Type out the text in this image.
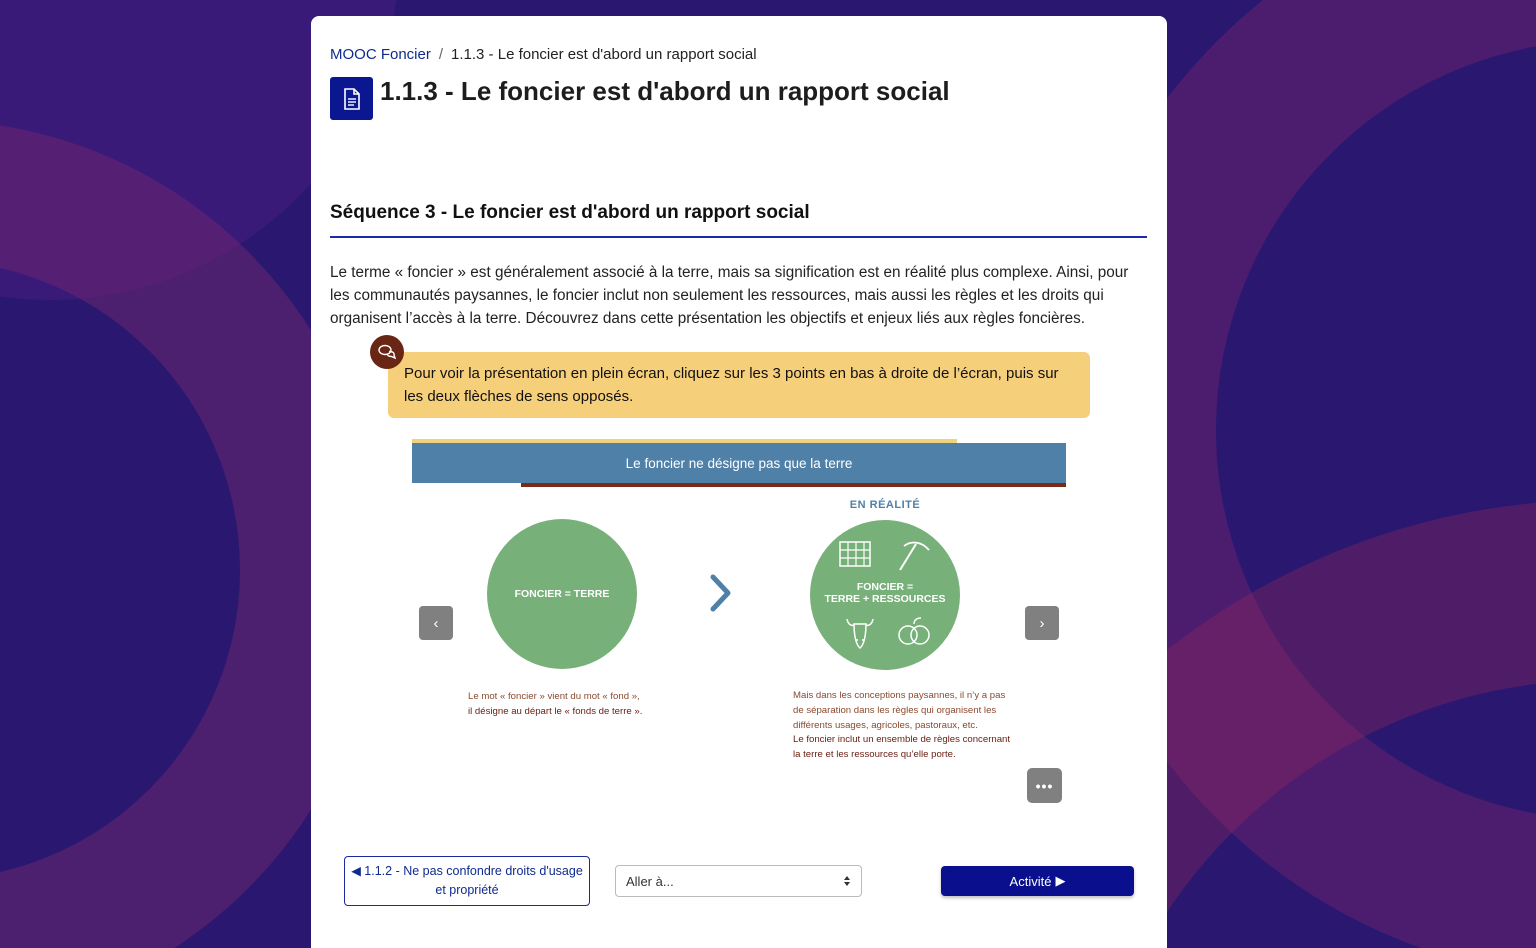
MOOC Foncier / 1.1.3 - Le foncier est d'abord un rapport social
1.1.3 - Le foncier est d'abord un rapport social
Séquence 3 - Le foncier est d'abord un rapport social

Le terme « foncier » est généralement associé à la terre, mais sa signification est en réalité plus complexe. Ainsi, pour les communautés paysannes, le foncier inclut non seulement les ressources, mais aussi les règles et les droits qui organisent l’accès à la terre. Découvrez dans cette présentation les objectifs et enjeux liés aux règles foncières.

Pour voir la présentation en plein écran, cliquez sur les 3 points en bas à droite de l’écran, puis sur les deux flèches de sens opposés.
Le foncier ne désigne pas que la terre
FONCIER = TERRE
EN RÉALITÉ
FONCIER =
TERRE + RESSOURCES
‹	›
Le mot « foncier » vient du mot « fond »,
il désigne au départ le « fonds de terre ».
Mais dans les conceptions paysannes, il n’y a pas de séparation dans les règles qui organisent les différents usages, agricoles, pastoraux, etc.
Le foncier inclut un ensemble de règles concernant la terre et les ressources qu’elle porte.
•••
◀ 1.1.2 - Ne pas confondre droits d'usage et propriété
Aller à...	Activité ▶
